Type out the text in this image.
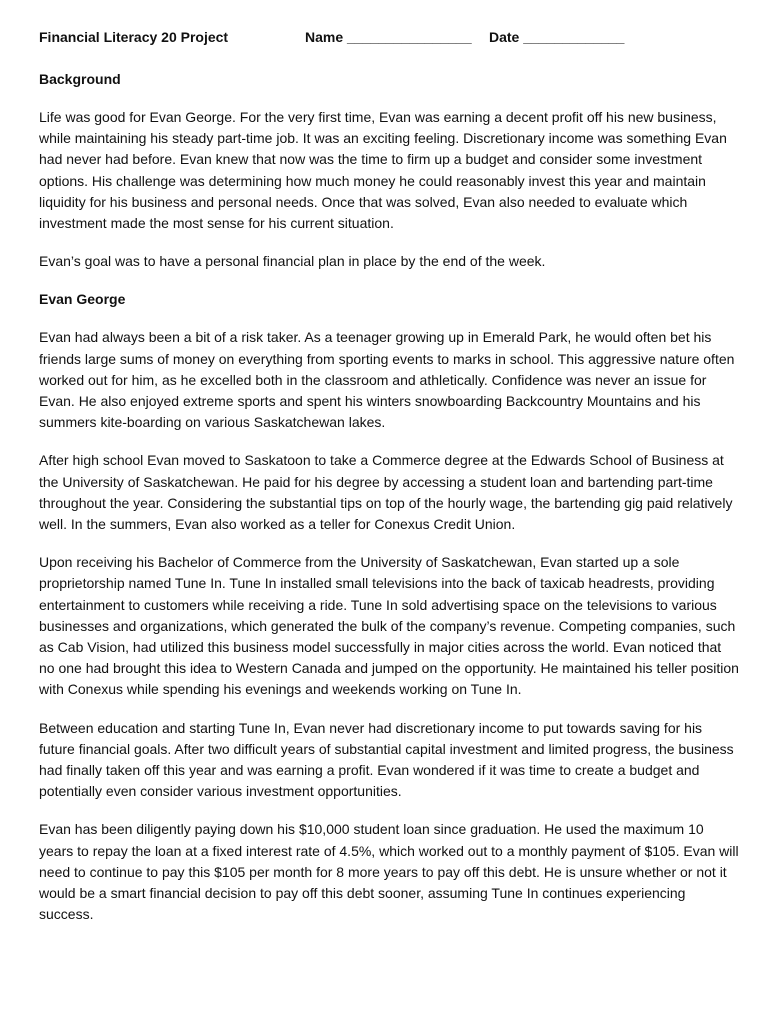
Financial Literacy 20 Project	Name ________________ Date _____________

Background

Life was good for Evan George. For the very first time, Evan was earning a decent profit off his new business, while maintaining his steady part-time job. It was an exciting feeling. Discretionary income was something Evan had never had before. Evan knew that now was the time to firm up a budget and consider some investment options. His challenge was determining how much money he could reasonably invest this year and maintain liquidity for his business and personal needs. Once that was solved, Evan also needed to evaluate which investment made the most sense for his current situation.

Evan’s goal was to have a personal financial plan in place by the end of the week.

Evan George

Evan had always been a bit of a risk taker. As a teenager growing up in Emerald Park, he would often bet his friends large sums of money on everything from sporting events to marks in school. This aggressive nature often worked out for him, as he excelled both in the classroom and athletically. Confidence was never an issue for Evan. He also enjoyed extreme sports and spent his winters snowboarding Backcountry Mountains and his summers kite-boarding on various Saskatchewan lakes.

After high school Evan moved to Saskatoon to take a Commerce degree at the Edwards School of Business at the University of Saskatchewan. He paid for his degree by accessing a student loan and bartending part-time throughout the year. Considering the substantial tips on top of the hourly wage, the bartending gig paid relatively well. In the summers, Evan also worked as a teller for Conexus Credit Union.

Upon receiving his Bachelor of Commerce from the University of Saskatchewan, Evan started up a sole proprietorship named Tune In. Tune In installed small televisions into the back of taxicab headrests, providing entertainment to customers while receiving a ride. Tune In sold advertising space on the televisions to various businesses and organizations, which generated the bulk of the company’s revenue. Competing companies, such as Cab Vision, had utilized this business model successfully in major cities across the world. Evan noticed that no one had brought this idea to Western Canada and jumped on the opportunity. He maintained his teller position with Conexus while spending his evenings and weekends working on Tune In.

Between education and starting Tune In, Evan never had discretionary income to put towards saving for his future financial goals. After two difficult years of substantial capital investment and limited progress, the business had finally taken off this year and was earning a profit. Evan wondered if it was time to create a budget and potentially even consider various investment opportunities.

Evan has been diligently paying down his $10,000 student loan since graduation. He used the maximum 10 years to repay the loan at a fixed interest rate of 4.5%, which worked out to a monthly payment of $105. Evan will need to continue to pay this $105 per month for 8 more years to pay off this debt. He is unsure whether or not it would be a smart financial decision to pay off this debt sooner, assuming Tune In continues experiencing success.
